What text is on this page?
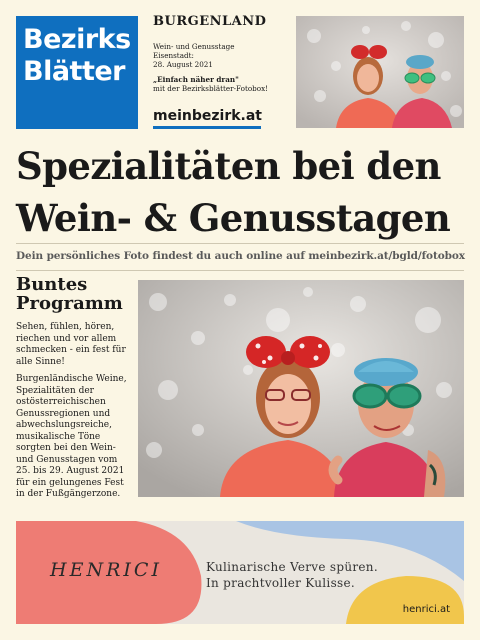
Bezirks
Blätter
BURGENLAND
Wein- und Genusstage
Eisenstadt:
28. August 2021
„Einfach näher dran"
mit der Bezirksblätter-Fotobox!
meinbezirk.at
Spezialitäten bei den
Wein- & Genusstagen
Dein persönliches Foto findest du auch online auf meinbezirk.at/bgld/fotobox
Buntes Programm
Sehen, fühlen, hören, riechen und vor allem schmecken - ein fest für alle Sinne!
Burgenländische Weine, Spezialitäten der ostösterreichischen Genussregionen und abwechslungsreiche, musikalische Töne sorgten bei den Wein- und Genusstagen vom 25. bis 29. August 2021 für ein gelungenes Fest in der Fußgängerzone.
HENRICI	Kulinarische Verve spüren.
In prachtvoller Kulisse.
henrici.at
